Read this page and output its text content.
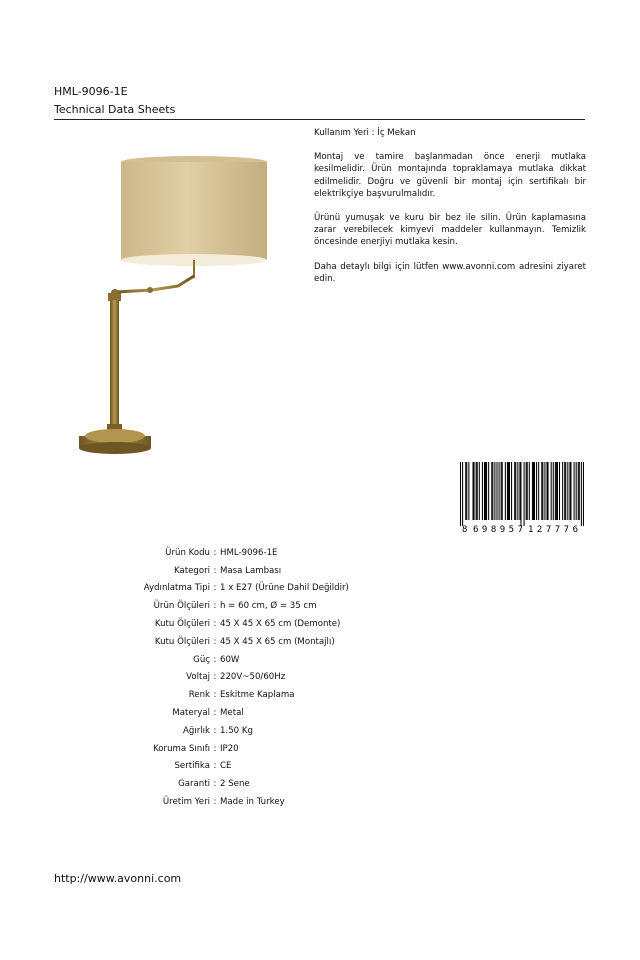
HML-9096-1E
Technical Data Sheets

Kullanım Yeri : İç Mekan

Montaj ve tamire başlanmadan önce enerji mutlaka kesilmelidir. Ürün montajında topraklamaya mutlaka dikkat edilmelidir. Doğru ve güvenli bir montaj için sertifikalı bir elektrikçiye başvurulmalıdır.

Ürünü yumuşak ve kuru bir bez ile silin. Ürün kaplamasına zarar verebilecek kimyevi maddeler kullanmayın. Temizlik öncesinde enerjiyi mutlaka kesin.

Daha detaylı bilgi için lütfen www.avonni.com adresini ziyaret edin.

8 698957 127776
Ürün Kodu : HML-9096-1E
Kategori : Masa Lambası
Aydınlatma Tipi : 1 x E27 (Ürüne Dahil Değildir)
Ürün Ölçüleri : h = 60 cm, Ø = 35 cm
Kutu Ölçüleri : 45 X 45 X 65 cm (Demonte)
Kutu Ölçüleri : 45 X 45 X 65 cm (Montajlı)
Güç : 60W
Voltaj : 220V~50/60Hz
Renk : Eskitme Kaplama
Materyal : Metal
Ağırlık : 1.50 Kg
Koruma Sınıfı : IP20
Sertifika : CE
Garanti : 2 Sene
Üretim Yeri : Made in Turkey
http://www.avonni.com
